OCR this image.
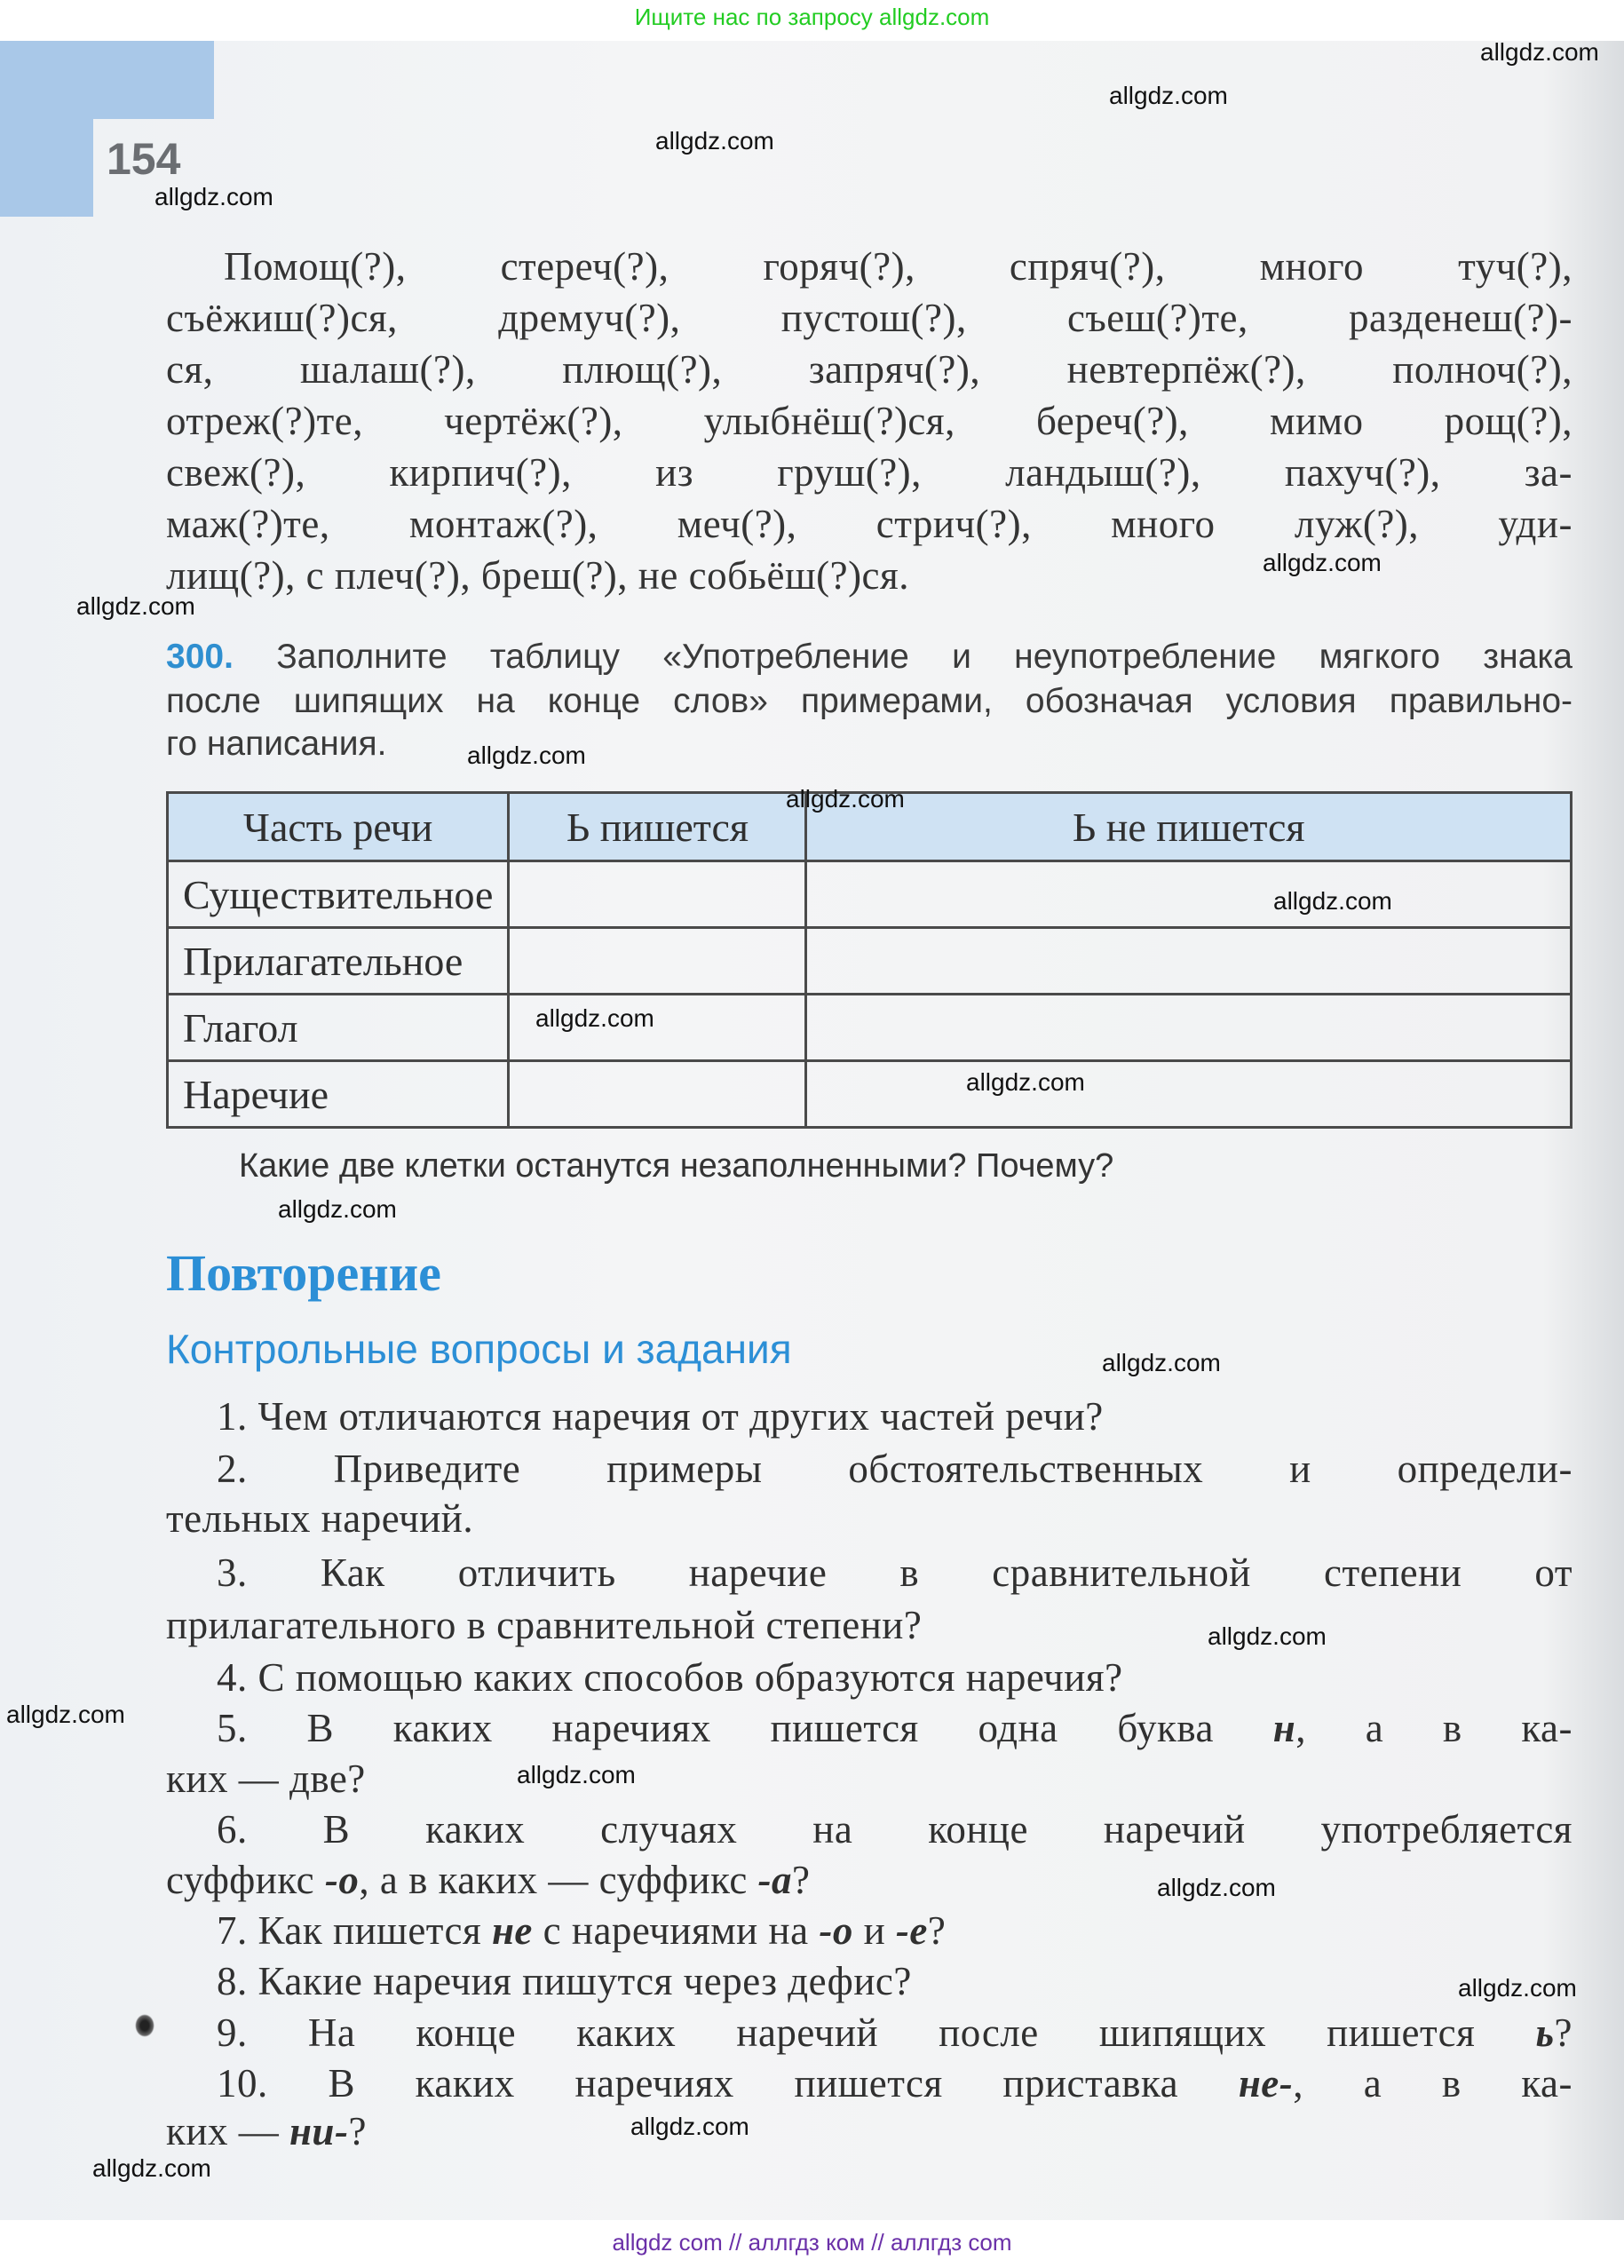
Ищите нас по запросу allgdz.com
154
Помощ(?), стереч(?), горяч(?), спряч(?), много туч(?),
съёжиш(?)ся, дремуч(?), пустош(?), съеш(?)те, разденеш(?)-
ся, шалаш(?), плющ(?), запряч(?), невтерпёж(?), полноч(?),
отреж(?)те, чертёж(?), улыбнёш(?)ся, береч(?), мимо рощ(?),
свеж(?), кирпич(?), из груш(?), ландыш(?), пахуч(?), за-
маж(?)те, монтаж(?), меч(?), стрич(?), много луж(?), уди-
лищ(?), с плеч(?), бреш(?), не собьёш(?)ся.
300. Заполните таблицу «Употребление и неупотребление мягкого знака
после шипящих на конце слов» примерами, обозначая условия правильно-
го написания.
Часть речи	Ь пишется	Ь не пишется
Существительное		
Прилагательное		
Глагол		
Наречие		
Какие две клетки останутся незаполненными? Почему?
Повторение
Контрольные вопросы и задания
1. Чем отличаются наречия от других частей речи?
2. Приведите примеры обстоятельственных и определи-
тельных наречий.
3. Как отличить наречие в сравнительной степени от
прилагательного в сравнительной степени?
4. С помощью каких способов образуются наречия?
5. В каких наречиях пишется одна буква н, а в ка-
ких — две?
6. В каких случаях на конце наречий употребляется
суффикс -о, а в каких — суффикс -а?
7. Как пишется не с наречиями на -о и -е?
8. Какие наречия пишутся через дефис?
9. На конце каких наречий после шипящих пишется ь?
10. В каких наречиях пишется приставка не-, а в ка-
ких — ни-?
allgdz.com
allgdz.com
allgdz.com
allgdz.com
allgdz.com
allgdz.com
allgdz.com
allgdz.com
allgdz.com
allgdz.com
allgdz.com
allgdz.com
allgdz.com
allgdz.com
allgdz.com
allgdz.com
allgdz.com
allgdz.com
allgdz.com
allgdz.com
allgdz com // аллгдз ком // аллгдз com
